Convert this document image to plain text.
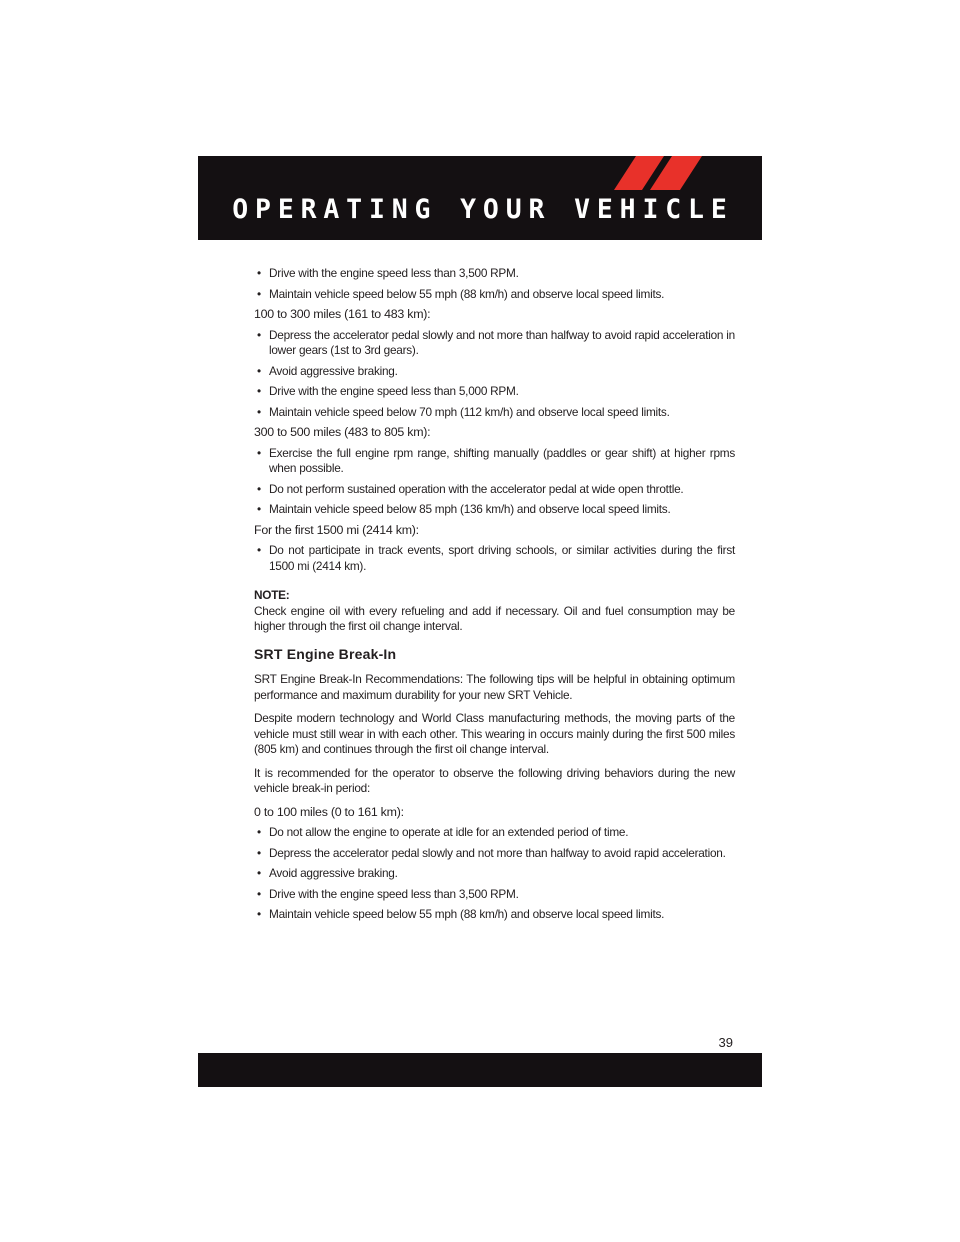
OPERATING YOUR VEHICLE
• Drive with the engine speed less than 3,500 RPM.
• Maintain vehicle speed below 55 mph (88 km/h) and observe local speed limits.
100 to 300 miles (161 to 483 km):
• Depress the accelerator pedal slowly and not more than halfway to avoid rapid acceleration in lower gears (1st to 3rd gears).
• Avoid aggressive braking.
• Drive with the engine speed less than 5,000 RPM.
• Maintain vehicle speed below 70 mph (112 km/h) and observe local speed limits.
300 to 500 miles (483 to 805 km):
• Exercise the full engine rpm range, shifting manually (paddles or gear shift) at higher rpms when possible.
• Do not perform sustained operation with the accelerator pedal at wide open throttle.
• Maintain vehicle speed below 85 mph (136 km/h) and observe local speed limits.
For the first 1500 mi (2414 km):
• Do not participate in track events, sport driving schools, or similar activities during the first 1500 mi (2414 km).
NOTE:
Check engine oil with every refueling and add if necessary. Oil and fuel consumption may be higher through the first oil change interval.
SRT Engine Break-In

SRT Engine Break-In Recommendations: The following tips will be helpful in obtaining optimum performance and maximum durability for your new SRT Vehicle.

Despite modern technology and World Class manufacturing methods, the moving parts of the vehicle must still wear in with each other. This wearing in occurs mainly during the first 500 miles (805 km) and continues through the first oil change interval.

It is recommended for the operator to observe the following driving behaviors during the new vehicle break-in period:

0 to 100 miles (0 to 161 km):
• Do not allow the engine to operate at idle for an extended period of time.
• Depress the accelerator pedal slowly and not more than halfway to avoid rapid acceleration.
• Avoid aggressive braking.
• Drive with the engine speed less than 3,500 RPM.
• Maintain vehicle speed below 55 mph (88 km/h) and observe local speed limits.
39
